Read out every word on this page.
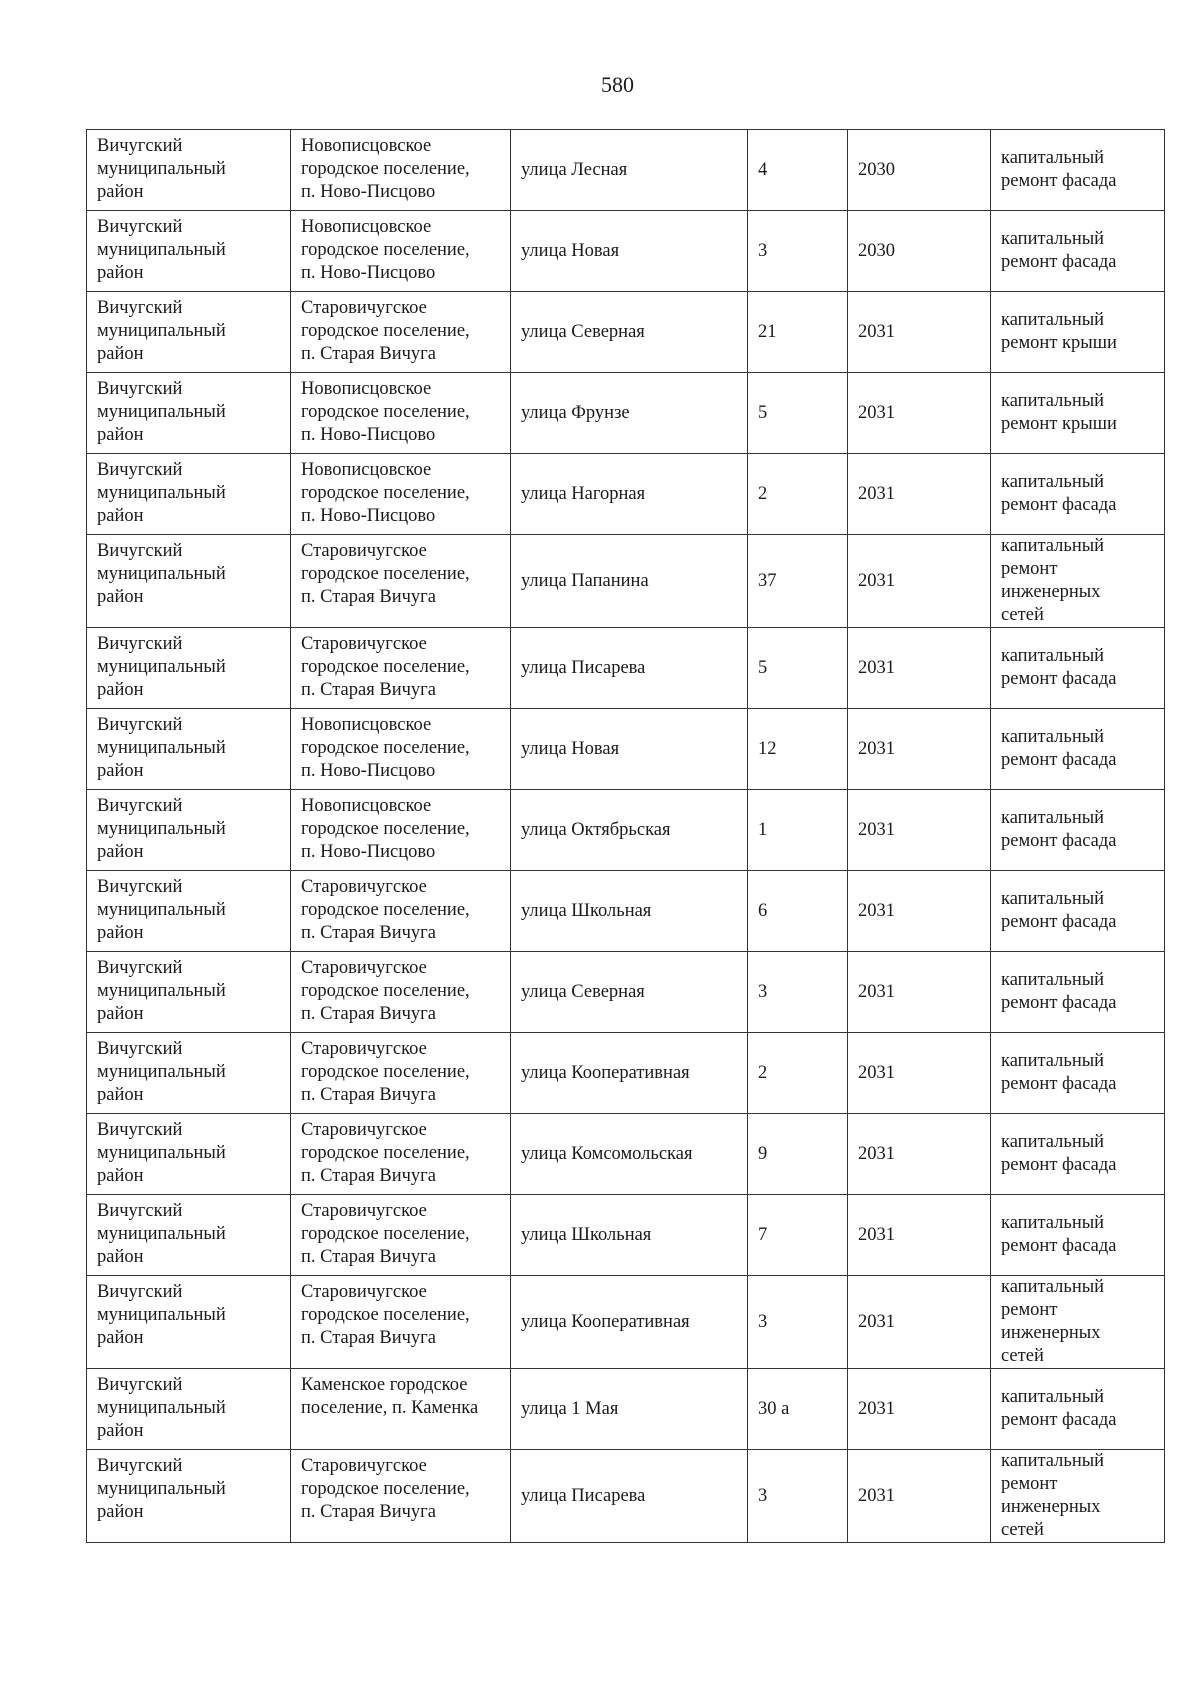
580
Вичугский
муниципальный
район	Новописцовское
городское поселение,
п. Ново-Писцово	улица Лесная	4	2030	капитальный
ремонт фасада

Вичугский
муниципальный
район	Новописцовское
городское поселение,
п. Ново-Писцово	улица Новая	3	2030	капитальный
ремонт фасада

Вичугский
муниципальный
район	Старовичугское
городское поселение,
п. Старая Вичуга	улица Северная	21	2031	капитальный
ремонт крыши

Вичугский
муниципальный
район	Новописцовское
городское поселение,
п. Ново-Писцово	улица Фрунзе	5	2031	капитальный
ремонт крыши

Вичугский
муниципальный
район	Новописцовское
городское поселение,
п. Ново-Писцово	улица Нагорная	2	2031	капитальный
ремонт фасада

Вичугский
муниципальный
район	Старовичугское
городское поселение,
п. Старая Вичуга	улица Папанина	37	2031	капитальный
ремонт
инженерных
сетей

Вичугский
муниципальный
район	Старовичугское
городское поселение,
п. Старая Вичуга	улица Писарева	5	2031	капитальный
ремонт фасада

Вичугский
муниципальный
район	Новописцовское
городское поселение,
п. Ново-Писцово	улица Новая	12	2031	капитальный
ремонт фасада

Вичугский
муниципальный
район	Новописцовское
городское поселение,
п. Ново-Писцово	улица Октябрьская	1	2031	капитальный
ремонт фасада

Вичугский
муниципальный
район	Старовичугское
городское поселение,
п. Старая Вичуга	улица Школьная	6	2031	капитальный
ремонт фасада

Вичугский
муниципальный
район	Старовичугское
городское поселение,
п. Старая Вичуга	улица Северная	3	2031	капитальный
ремонт фасада

Вичугский
муниципальный
район	Старовичугское
городское поселение,
п. Старая Вичуга	улица Кооперативная	2	2031	капитальный
ремонт фасада

Вичугский
муниципальный
район	Старовичугское
городское поселение,
п. Старая Вичуга	улица Комсомольская	9	2031	капитальный
ремонт фасада

Вичугский
муниципальный
район	Старовичугское
городское поселение,
п. Старая Вичуга	улица Школьная	7	2031	капитальный
ремонт фасада

Вичугский
муниципальный
район	Старовичугское
городское поселение,
п. Старая Вичуга	улица Кооперативная	3	2031	капитальный
ремонт
инженерных
сетей

Вичугский
муниципальный
район	Каменское городское
поселение, п. Каменка	улица 1 Мая	30 а	2031	капитальный
ремонт фасада

Вичугский
муниципальный
район	Старовичугское
городское поселение,
п. Старая Вичуга	улица Писарева	3	2031	капитальный
ремонт
инженерных
сетей
